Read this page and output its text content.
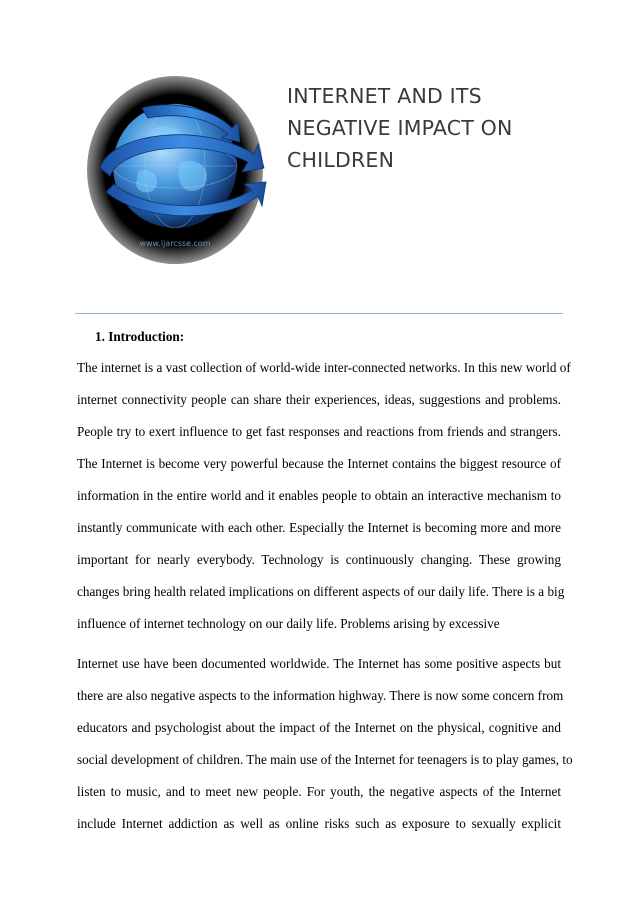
www.ijarcsse.com
INTERNET AND ITS
NEGATIVE IMPACT ON
CHILDREN
1. Introduction:
The internet is a vast collection of world-wide inter-connected networks. In this new world of
internet connectivity people can share their experiences, ideas, suggestions and problems.
People try to exert influence to get fast responses and reactions from friends and strangers.
The Internet is become very powerful because the Internet contains the biggest resource of
information in the entire world and it enables people to obtain an interactive mechanism to
instantly communicate with each other. Especially the Internet is becoming more and more
important for nearly everybody. Technology is continuously changing. These growing
changes bring health related implications on different aspects of our daily life. There is a big
influence of internet technology on our daily life. Problems arising by excessive
Internet use have been documented worldwide. The Internet has some positive aspects but
there are also negative aspects to the information highway. There is now some concern from
educators and psychologist about the impact of the Internet on the physical, cognitive and
social development of children. The main use of the Internet for teenagers is to play games, to
listen to music, and to meet new people. For youth, the negative aspects of the Internet
include Internet addiction as well as online risks such as exposure to sexually explicit
